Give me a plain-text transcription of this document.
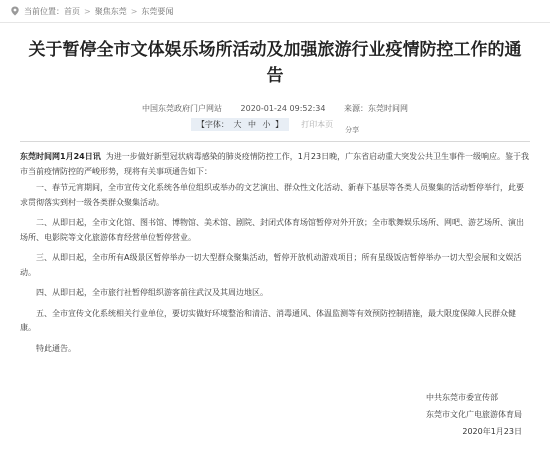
当前位置： 首页 > 聚焦东莞 > 东莞要闻
关于暂停全市文体娱乐场所活动及加强旅游行业疫情防控工作的通告
中国东莞政府门户网站 2020-01-24 09:52:34 来源：东莞时间网
【字体： 大 中 小 】	打印本页
分享

东莞时间网1月24日讯 为进一步做好新型冠状病毒感染的肺炎疫情防控工作，1月23日晚，广东省启动重大突发公共卫生事件一级响应。鉴于我市当前疫情防控的严峻形势，现将有关事项通告如下：

一、春节元宵期间，全市宣传文化系统各单位组织或举办的文艺演出、群众性文化活动、新春下基层等各类人员聚集的活动暂停举行，此要求贯彻落实到村一级各类群众聚集活动。

二、从即日起，全市文化馆、图书馆、博物馆、美术馆、剧院、封闭式体育场馆暂停对外开放；全市歌舞娱乐场所、网吧、游艺场所、演出场所、电影院等文化旅游体育经营单位暂停营业。

三、从即日起，全市所有A级景区暂停举办一切大型群众聚集活动，暂停开放机动游戏项目；所有星级饭店暂停举办一切大型会展和文娱活动。

四、从即日起，全市旅行社暂停组织游客前往武汉及其周边地区。

五、全市宣传文化系统相关行业单位，要切实做好环境整治和清洁、消毒通风、体温监测等有效预防控制措施，最大限度保障人民群众健康。

特此通告。

中共东莞市委宣传部
东莞市文化广电旅游体育局
2020年1月23日
